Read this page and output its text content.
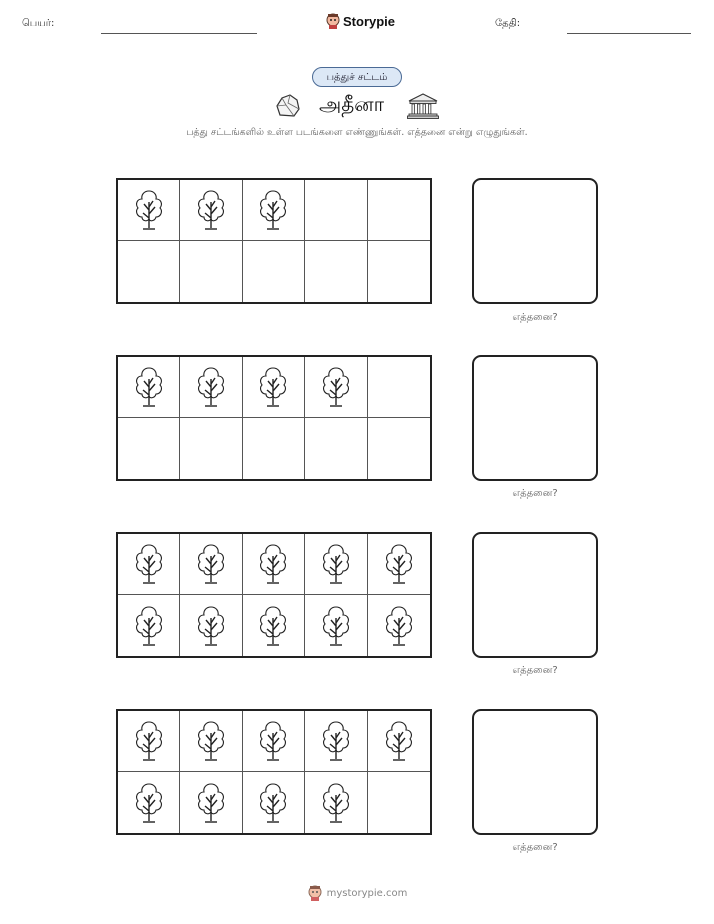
பெயர்:	Storypie	தேதி:
பத்துச் சட்டம்
அதீனா
பத்து சட்டங்களில் உள்ள படங்களை எண்ணுங்கள். எத்தனை என்று எழுதுங்கள்.
எத்தனை?
எத்தனை?
எத்தனை?
எத்தனை?
mystorypie.com
